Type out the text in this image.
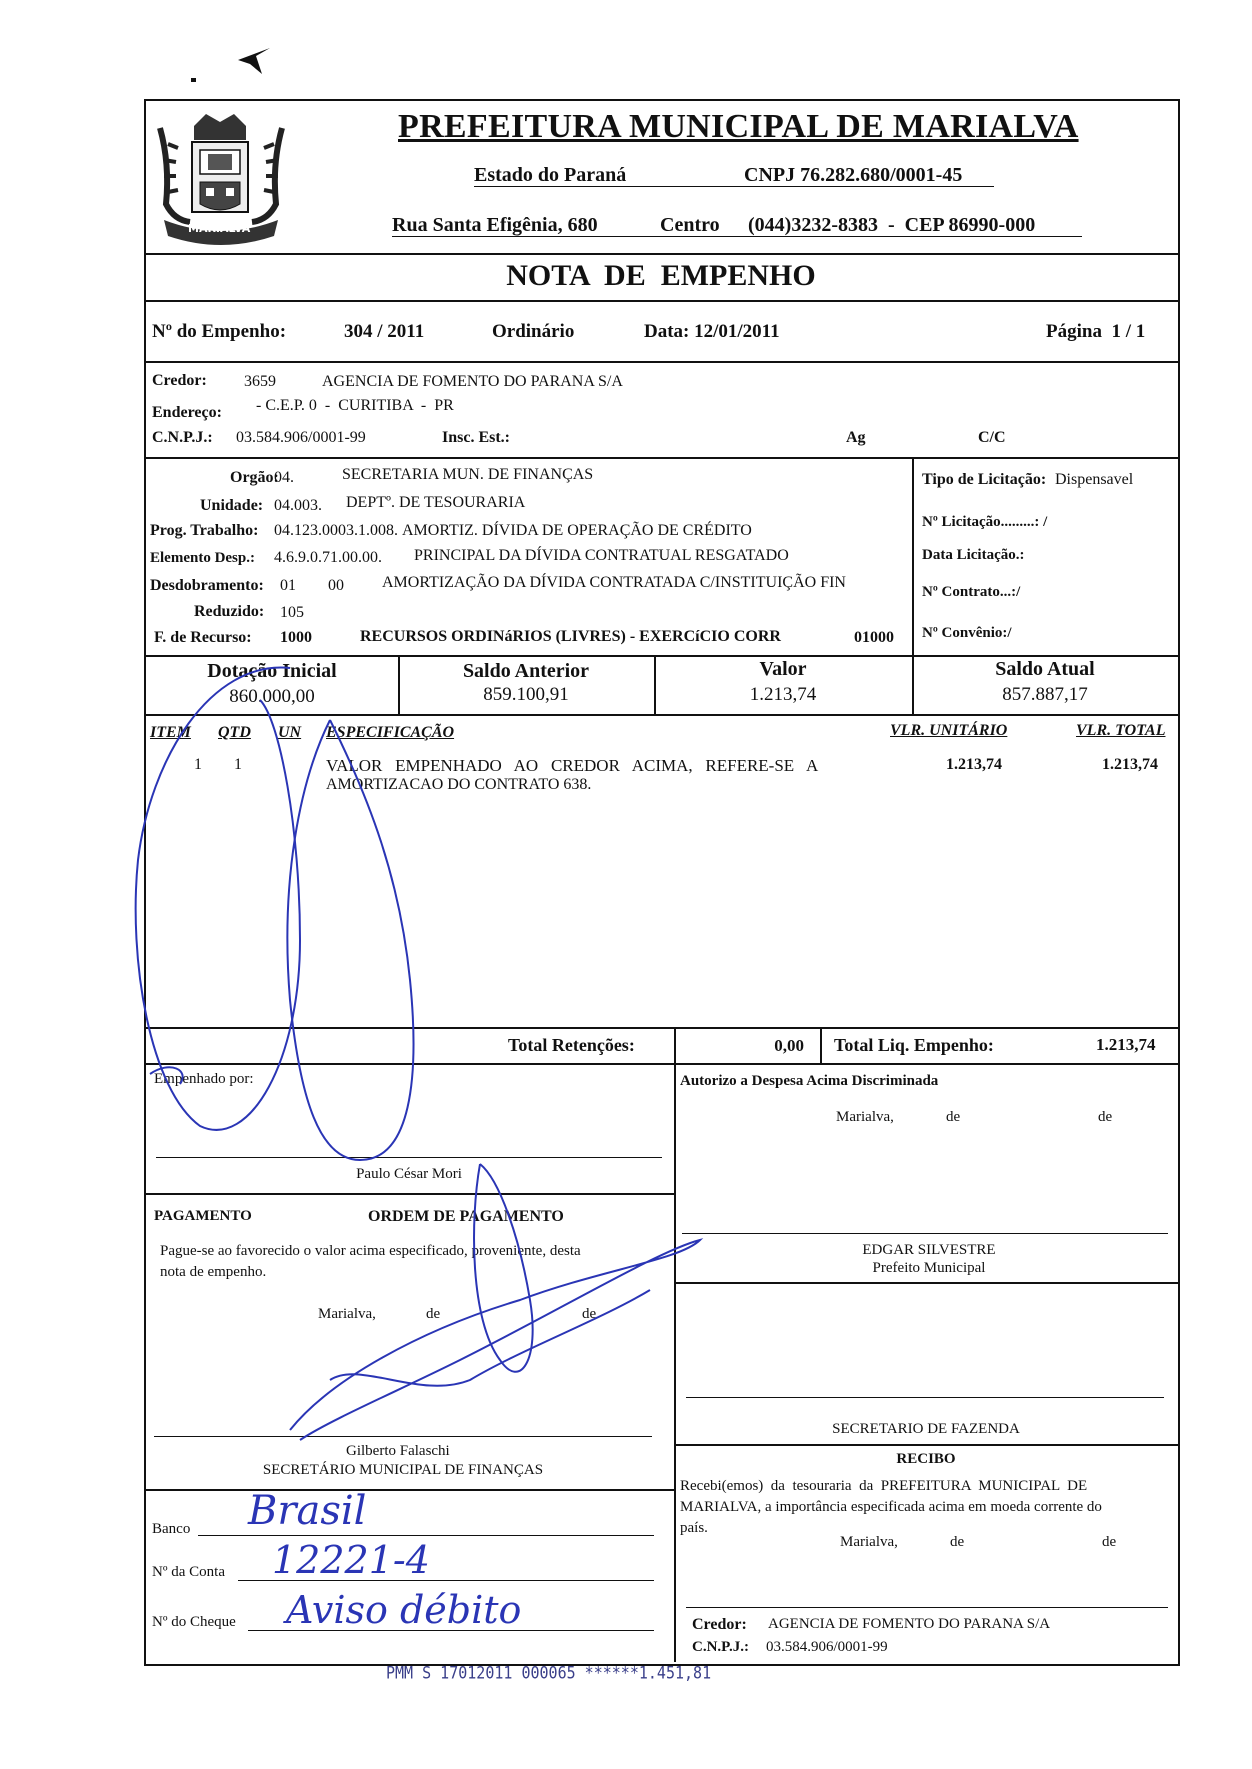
MARIALVA
PREFEITURA MUNICIPAL DE MARIALVA
Estado do Paraná	CNPJ 76.282.680/0001-45
Rua Santa Efigênia, 680	Centro (044)3232-8383  -  CEP 86990-000
NOTA  DE  EMPENHO
Nº do Empenho:	304 / 2011	Ordinário	Data: 12/01/2011	Página  1 / 1
Credor: 3659	AGENCIA DE FOMENTO DO PARANA S/A
Endereço: - C.E.P. 0  -  CURITIBA  -  PR
C.N.P.J.: 03.584.906/0001-99	Insc. Est.:	Ag	C/C
Orgão:
04.	SECRETARIA MUN. DE FINANÇAS
Unidade: 04.003. DEPTº. DE TESOURARIA
Prog. Trabalho: 04.123.0003.1.008. AMORTIZ. DÍVIDA DE OPERAÇÃO DE CRÉDITO
Elemento Desp.: 4.6.9.0.71.00.00. PRINCIPAL DA DÍVIDA CONTRATUAL RESGATADO
Desdobramento: 01 00 AMORTIZAÇÃO DA DÍVIDA CONTRATADA C/INSTITUIÇÃO FIN
Reduzido: 105
F. de Recurso: 1000	RECURSOS ORDINáRIOS (LIVRES) - EXERCíCIO CORR	01000
Tipo de Licitação: Dispensavel
Nº Licitação.........: /
Data Licitação.:
Nº Contrato...:/
Nº Convênio:/
Dotação Inicial
860.000,00
Saldo Anterior
859.100,91
Valor
1.213,74
Saldo Atual
857.887,17
ITEM QTD UN ESPECIFICAÇÃO	VLR. UNITÁRIO	VLR. TOTAL
1 1	VALOR   EMPENHADO   AO   CREDOR   ACIMA,   REFERE-SE   A
AMORTIZACAO DO CONTRATO 638.
1.213,74	1.213,74
Total Retenções:	0,00 Total Liq. Empenho:	1.213,74
Empenhado por:
Paulo César Mori
Autorizo a Despesa Acima Discriminada
Marialva,	de	de
EDGAR SILVESTRE
Prefeito Municipal
PAGAMENTO	ORDEM DE PAGAMENTO
Pague-se ao favorecido o valor acima especificado, proveniente, desta
nota de empenho.
Marialva,	de	de
Gilberto Falaschi
SECRETÁRIO MUNICIPAL DE FINANÇAS
SECRETARIO DE FAZENDA
Banco Brasil
Nº da Conta 12221-4
Nº do Cheque Aviso débito
RECIBO
Recebi(emos)  da  tesouraria  da  PREFEITURA  MUNICIPAL  DE
MARIALVA, a importância especificada acima em moeda corrente do
país.
Marialva,	de	de
Credor: AGENCIA DE FOMENTO DO PARANA S/A
C.N.P.J.: 03.584.906/0001-99
PMM S 17012011 000065 ******1.451,81
